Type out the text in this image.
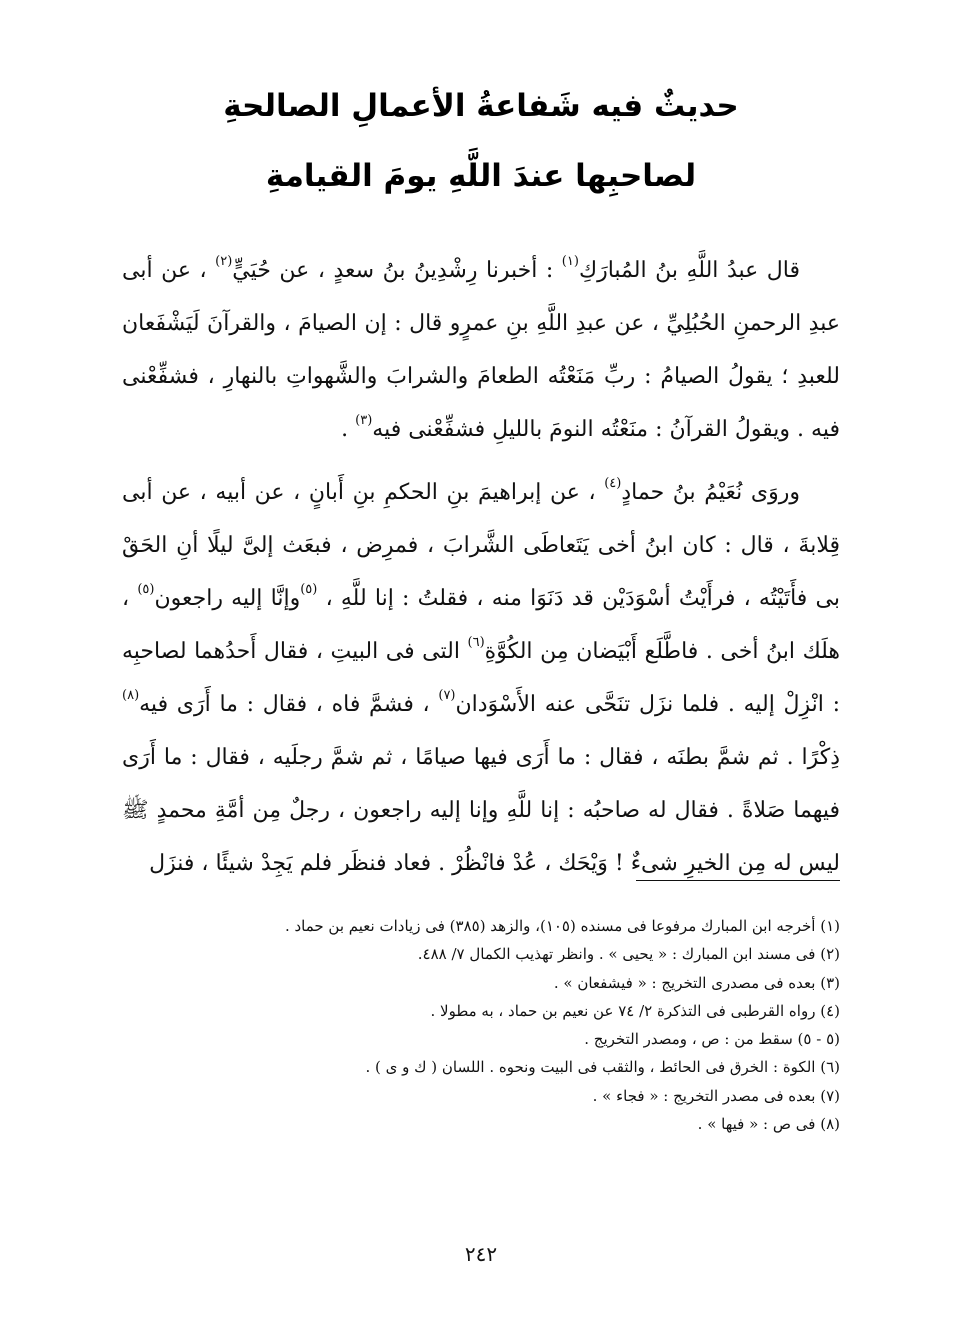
حديثٌ فيه شَفاعةُ الأعمالِ الصالحةِ
لصاحبِها عندَ اللَّهِ يومَ القيامةِ

قال عبدُ اللَّهِ بنُ المُبارَكِ$^{(١)}$ : أخبرنا رِشْدِينُ بنُ سعدٍ ، عن حُيَيٍّ$^{(٢)}$ ، عن أبى عبدِ الرحمنِ الحُبُلِيِّ ، عن عبدِ اللَّهِ بنِ عمرٍو قال : إن الصيامَ ، والقرآنَ لَيَشْفَعان للعبدِ ؛ يقولُ الصيامُ : ربِّ مَنَعْتُه الطعامَ والشرابَ والشَّهواتِ بالنهارِ ، فشفِّعْنى فيه . ويقولُ القرآنُ : منَعْتُه النومَ بالليلِ فشفِّعْنى فيه$^{(٣)}$ .

وروَى نُعَيْمُ بنُ حمادٍ$^{(٤)}$ ، عن إبراهيمَ بنِ الحكمِ بنِ أَبانٍ ، عن أبيه ، عن أبى قِلابةَ ، قال : كان ابنُ أخى يَتَعاطَى الشَّرابَ ، فمرِض ، فبعَث إلىَّ ليلًا أنِ الحَقْ بى فأَتَيْتُه ، فرأَيْتُ أسْوَدَيْن قد دَنَوَا منه ، فقلتُ : إنا للَّهِ ، $^{(٥)}$وإنَّا إليه راجعون$^{(٥)}$ ، هلَك ابنُ أخى . فاطَّلَع أَبْيَضان مِن الكُوَّةِ$^{(٦)}$ التى فى البيتِ ، فقال أَحدُهما لصاحبِه : انْزِلْ إليه . فلما نزَل تنَحَّى عنه الأَسْوَدان$^{(٧)}$ ، فشمَّ فاه ، فقال : ما أَرَى فيه$^{(٨)}$ ذِكْرًا . ثم شمَّ بطنَه ، فقال : ما أَرَى فيها صيامًا ، ثم شمَّ رجلَيه ، فقال : ما أَرَى فيهما صَلاةً . فقال له صاحبُه : إنا للَّهِ وإنا إليه راجعون ، رجلٌ مِن أمَّةِ محمدٍ ﷺ ليس له مِن الخيرِ شىءٌ ! وَيْحَك ، عُدْ فانْظُرْ . فعاد فنظَر فلم يَجِدْ شيئًا ، فنزَل

(١) أخرجه ابن المبارك مرفوعا فى مسنده (١٠٥)، والزهد (٣٨٥) فى زيادات نعيم بن حماد .
(٢) فى مسند ابن المبارك : « يحيى » . وانظر تهذيب الكمال ٧/ ٤٨٨.
(٣) بعده فى مصدرى التخريج : « فيشفعان » .
(٤) رواه القرطبى فى التذكرة ٢/ ٧٤ عن نعيم بن حماد ، به مطولا .
(٥ - ٥) سقط من : ص ، ومصدر التخريج .
(٦) الكوة : الخرق فى الحائط ، والثقب فى البيت ونحوه . اللسان ( ك و ى ) .
(٧) بعده فى مصدر التخريج : « فجاء » .
(٨) فى ص : « فيها » .
٢٤٢
